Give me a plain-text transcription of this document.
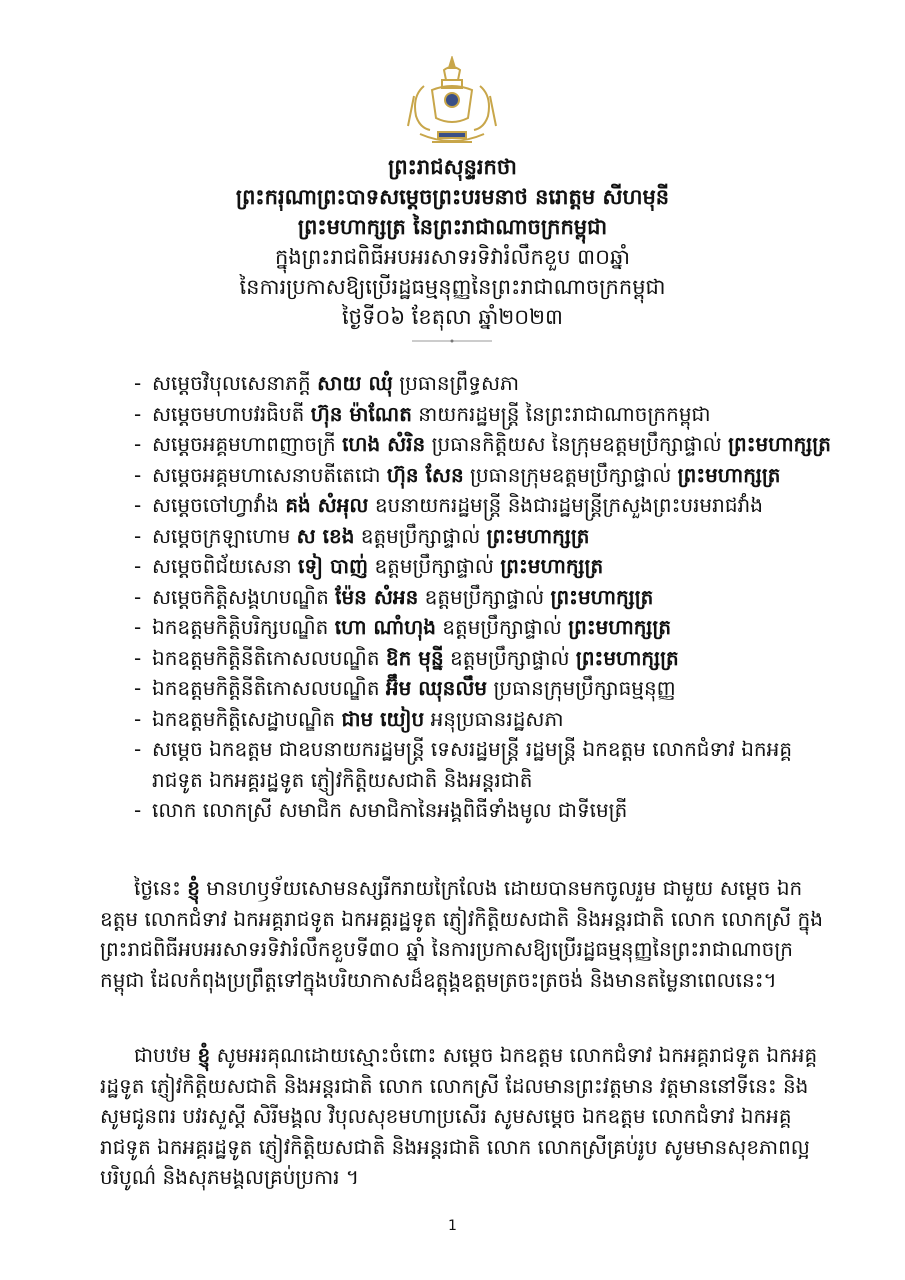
ព្រះរាជសុន្ទរកថា
ព្រះករុណាព្រះបាទសម្តេចព្រះបរមនាថ នរោត្តម សីហមុនី
ព្រះមហាក្សត្រ នៃព្រះរាជាណាចក្រកម្ពុជា
ក្នុងព្រះរាជពិធីអបអរសាទរទិវារំលឹកខួប ៣០ឆ្នាំ
នៃការប្រកាសឱ្យប្រើរដ្ឋធម្មនុញ្ញនៃព្រះរាជាណាចក្រកម្ពុជា
ថ្ងៃទី០៦ ខែតុលា ឆ្នាំ២០២៣
- សម្តេចវិបុលសេនាភក្តី សាយ ឈុំ ប្រធានព្រឹទ្ធសភា
- សម្តេចមហាបវរធិបតី ហ៊ុន ម៉ាណែត នាយករដ្ឋមន្ត្រី នៃព្រះរាជាណាចក្រកម្ពុជា
- សម្តេចអគ្គមហាពញាចក្រី ហេង សំរិន ប្រធានកិត្តិយស នៃក្រុមឧត្តមប្រឹក្សាផ្ទាល់ ព្រះមហាក្សត្រ
- សម្តេចអគ្គមហាសេនាបតីតេជោ ហ៊ុន សែន ប្រធានក្រុមឧត្តមប្រឹក្សាផ្ទាល់ ព្រះមហាក្សត្រ
- សម្តេចចៅហ្វាវាំង គង់ សំអុល ឧបនាយករដ្ឋមន្ត្រី និងជារដ្ឋមន្ត្រីក្រសួងព្រះបរមរាជវាំង
- សម្តេចក្រឡាហោម ស ខេង ឧត្តមប្រឹក្សាផ្ទាល់ ព្រះមហាក្សត្រ
- សម្តេចពិជ័យសេនា ទៀ បាញ់ ឧត្តមប្រឹក្សាផ្ទាល់ ព្រះមហាក្សត្រ
- សម្តេចកិត្តិសង្គហបណ្ឌិត ម៉ែន សំអន ឧត្តមប្រឹក្សាផ្ទាល់ ព្រះមហាក្សត្រ
- ឯកឧត្តមកិត្តិបរិក្សបណ្ឌិត ហោ ណាំហុង ឧត្តមប្រឹក្សាផ្ទាល់ ព្រះមហាក្សត្រ
- ឯកឧត្តមកិត្តិនីតិកោសលបណ្ឌិត ឱក មុន្នី ឧត្តមប្រឹក្សាផ្ទាល់ ព្រះមហាក្សត្រ
- ឯកឧត្តមកិត្តិនីតិកោសលបណ្ឌិត អ៊ឹម ឈុនលឹម ប្រធានក្រុមប្រឹក្សាធម្មនុញ្ញ
- ឯកឧត្តមកិត្តិសេដ្ឋាបណ្ឌិត ជាម យៀប អនុប្រធានរដ្ឋសភា
- សម្តេច ឯកឧត្តម ជាឧបនាយករដ្ឋមន្ត្រី ទេសរដ្ឋមន្ត្រី រដ្ឋមន្ត្រី ឯកឧត្តម លោកជំទាវ ឯកអគ្គរាជទូត ឯកអគ្គរដ្ឋទូត ភ្ញៀវកិត្តិយសជាតិ និងអន្តរជាតិ
- លោក លោកស្រី សមាជិក សមាជិកានៃអង្គពិធីទាំងមូល ជាទីមេត្រី

ថ្ងៃនេះ ខ្ញុំ មានហឫទ័យសោមនស្សរីករាយក្រៃលែង ដោយបានមកចូលរួម ជាមួយ សម្តេច ឯកឧត្តម លោកជំទាវ ឯកអគ្គរាជទូត ឯកអគ្គរដ្ឋទូត ភ្ញៀវកិត្តិយសជាតិ និងអន្តរជាតិ លោក លោកស្រី ក្នុងព្រះរាជពិធីអបអរសាទរទិវារំលឹកខួបទី៣០ ឆ្នាំ នៃការប្រកាសឱ្យប្រើរដ្ឋធម្មនុញ្ញនៃព្រះរាជាណាចក្រកម្ពុជា ដែលកំពុងប្រព្រឹត្តទៅក្នុងបរិយាកាសដ៏ឧត្តុង្គឧត្តមត្រចះត្រចង់ និងមានតម្លៃនាពេលនេះ។

ជាបឋម ខ្ញុំ សូមអរគុណដោយស្មោះចំពោះ សម្តេច ឯកឧត្តម លោកជំទាវ ឯកអគ្គរាជទូត ឯកអគ្គរដ្ឋទូត ភ្ញៀវកិត្តិយសជាតិ និងអន្តរជាតិ លោក លោកស្រី ដែលមានព្រះវត្តមាន វត្តមាននៅទីនេះ និងសូមជូនពរ បវរសួស្តី សិរីមង្គល វិបុលសុខមហាប្រសើរ សូមសម្តេច ឯកឧត្តម លោកជំទាវ ឯកអគ្គរាជទូត ឯកអគ្គរដ្ឋទូត ភ្ញៀវកិត្តិយសជាតិ និងអន្តរជាតិ លោក លោកស្រីគ្រប់រូប សូមមានសុខភាពល្អបរិបូណ៌ និងសុភមង្គលគ្រប់ប្រការ ។

1
